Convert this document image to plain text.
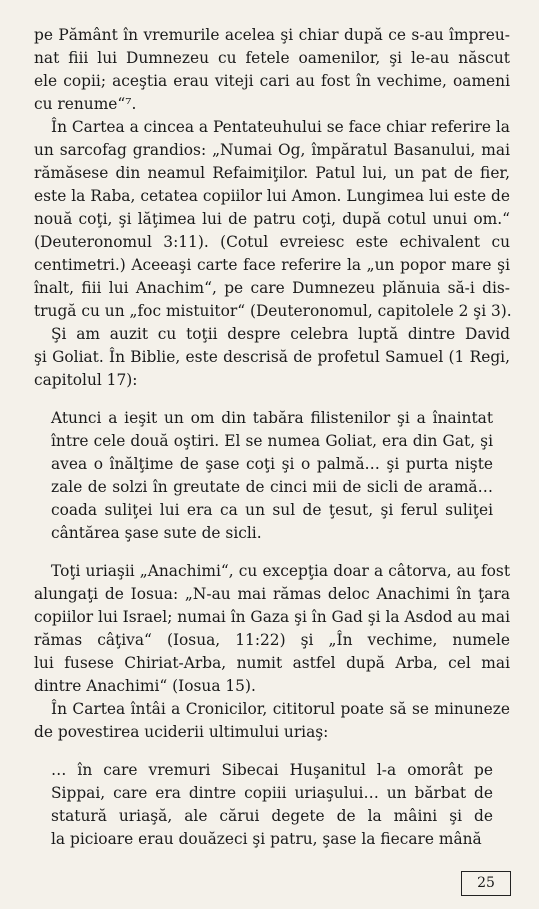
pe Pământ în vremurile acelea şi chiar după ce s-au împreu-
nat fiii lui Dumnezeu cu fetele oamenilor, şi le-au născut
ele copii; aceştia erau viteji cari au fost în vechime, oameni
cu renume“⁷.
În Cartea a cincea a Pentateuhului se face chiar referire la
un sarcofag grandios: „Numai Og, împăratul Basanului, mai
rămăsese din neamul Refaimiţilor. Patul lui, un pat de fier,
este la Raba, cetatea copiilor lui Amon. Lungimea lui este de
nouă coţi, şi lăţimea lui de patru coţi, după cotul unui om.“
(Deuteronomul 3:11). (Cotul evreiesc este echivalent cu
centimetri.) Aceeaşi carte face referire la „un popor mare şi
înalt, fiii lui Anachim“, pe care Dumnezeu plănuia să-i dis-
trugă cu un „foc mistuitor“ (Deuteronomul, capitolele 2 şi 3).
Şi am auzit cu toţii despre celebra luptă dintre David
şi Goliat. În Biblie, este descrisă de profetul Samuel (1 Regi,
capitolul 17):
Atunci a ieşit un om din tabăra filistenilor şi a înaintat
între cele două oştiri. El se numea Goliat, era din Gat, şi
avea o înălţime de şase coţi şi o palmă… şi purta nişte
zale de solzi în greutate de cinci mii de sicli de aramă…
coada suliţei lui era ca un sul de ţesut, şi ferul suliţei
cântărea şase sute de sicli.
Toţi uriaşii „Anachimi“, cu excepţia doar a câtorva, au fost
alungaţi de Iosua: „N-au mai rămas deloc Anachimi în ţara
copiilor lui Israel; numai în Gaza şi în Gad şi la Asdod au mai
rămas câţiva“ (Iosua, 11:22) şi „În vechime, numele
lui fusese Chiriat-Arba, numit astfel după Arba, cel mai
dintre Anachimi“ (Iosua 15).
În Cartea întâi a Cronicilor, cititorul poate să se minuneze
de povestirea uciderii ultimului uriaş:
… în care vremuri Sibecai Huşanitul l-a omorât pe
Sippai, care era dintre copiii uriaşului… un bărbat de
statură uriaşă, ale cărui degete de la mâini şi de
la picioare erau douăzeci şi patru, şase la fiecare mână
25
